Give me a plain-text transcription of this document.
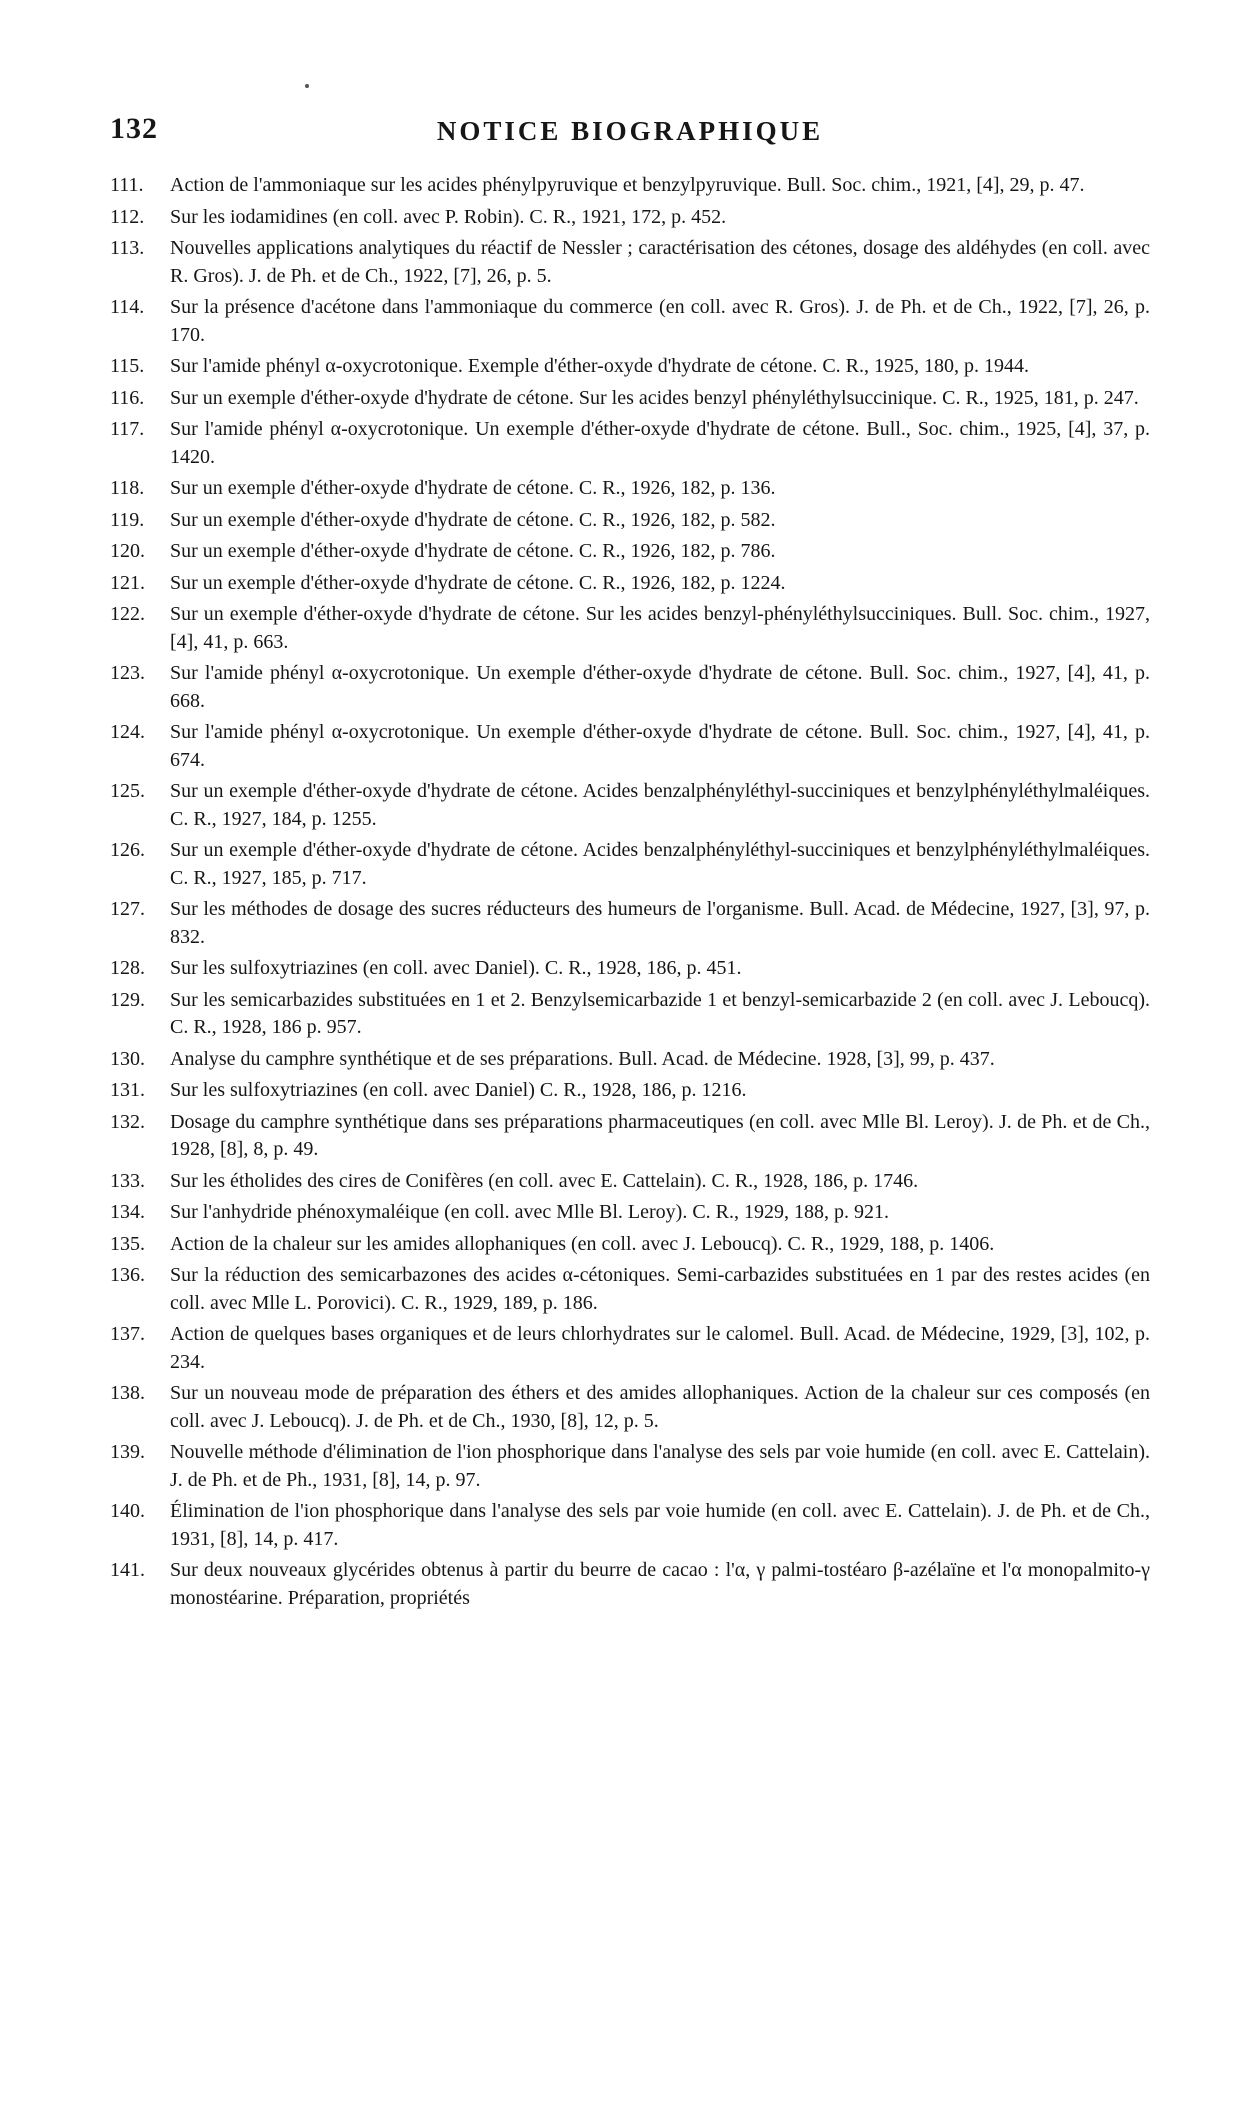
132	NOTICE BIOGRAPHIQUE
111. Action de l'ammoniaque sur les acides phénylpyruvique et benzylpyruvique. Bull. Soc. chim., 1921, [4], 29, p. 47.
112. Sur les iodamidines (en coll. avec P. Robin). C. R., 1921, 172, p. 452.
113. Nouvelles applications analytiques du réactif de Nessler ; caractérisation des cétones, dosage des aldéhydes (en coll. avec R. Gros). J. de Ph. et de Ch., 1922, [7], 26, p. 5.
114. Sur la présence d'acétone dans l'ammoniaque du commerce (en coll. avec R. Gros). J. de Ph. et de Ch., 1922, [7], 26, p. 170.
115. Sur l'amide phényl α-oxycrotonique. Exemple d'éther-oxyde d'hydrate de cétone. C. R., 1925, 180, p. 1944.
116. Sur un exemple d'éther-oxyde d'hydrate de cétone. Sur les acides benzyl phényléthylsuccinique. C. R., 1925, 181, p. 247.
117. Sur l'amide phényl α-oxycrotonique. Un exemple d'éther-oxyde d'hydrate de cétone. Bull., Soc. chim., 1925, [4], 37, p. 1420.
118. Sur un exemple d'éther-oxyde d'hydrate de cétone. C. R., 1926, 182, p. 136.
119. Sur un exemple d'éther-oxyde d'hydrate de cétone. C. R., 1926, 182, p. 582.
120. Sur un exemple d'éther-oxyde d'hydrate de cétone. C. R., 1926, 182, p. 786.
121. Sur un exemple d'éther-oxyde d'hydrate de cétone. C. R., 1926, 182, p. 1224.
122. Sur un exemple d'éther-oxyde d'hydrate de cétone. Sur les acides benzyl-phényléthylsucciniques. Bull. Soc. chim., 1927, [4], 41, p. 663.
123. Sur l'amide phényl α-oxycrotonique. Un exemple d'éther-oxyde d'hydrate de cétone. Bull. Soc. chim., 1927, [4], 41, p. 668.
124. Sur l'amide phényl α-oxycrotonique. Un exemple d'éther-oxyde d'hydrate de cétone. Bull. Soc. chim., 1927, [4], 41, p. 674.
125. Sur un exemple d'éther-oxyde d'hydrate de cétone. Acides benzalphényléthyl-succiniques et benzylphényléthylmaléiques. C. R., 1927, 184, p. 1255.
126. Sur un exemple d'éther-oxyde d'hydrate de cétone. Acides benzalphényléthyl-succiniques et benzylphényléthylmaléiques. C. R., 1927, 185, p. 717.
127. Sur les méthodes de dosage des sucres réducteurs des humeurs de l'organisme. Bull. Acad. de Médecine, 1927, [3], 97, p. 832.
128. Sur les sulfoxytriazines (en coll. avec Daniel). C. R., 1928, 186, p. 451.
129. Sur les semicarbazides substituées en 1 et 2. Benzylsemicarbazide 1 et benzyl-semicarbazide 2 (en coll. avec J. Leboucq). C. R., 1928, 186 p. 957.
130. Analyse du camphre synthétique et de ses préparations. Bull. Acad. de Médecine. 1928, [3], 99, p. 437.
131. Sur les sulfoxytriazines (en coll. avec Daniel) C. R., 1928, 186, p. 1216.
132. Dosage du camphre synthétique dans ses préparations pharmaceutiques (en coll. avec Mlle Bl. Leroy). J. de Ph. et de Ch., 1928, [8], 8, p. 49.
133. Sur les étholides des cires de Conifères (en coll. avec E. Cattelain). C. R., 1928, 186, p. 1746.
134. Sur l'anhydride phénoxymaléique (en coll. avec Mlle Bl. Leroy). C. R., 1929, 188, p. 921.
135. Action de la chaleur sur les amides allophaniques (en coll. avec J. Leboucq). C. R., 1929, 188, p. 1406.
136. Sur la réduction des semicarbazones des acides α-cétoniques. Semi-carbazides substituées en 1 par des restes acides (en coll. avec Mlle L. Porovici). C. R., 1929, 189, p. 186.
137. Action de quelques bases organiques et de leurs chlorhydrates sur le calomel. Bull. Acad. de Médecine, 1929, [3], 102, p. 234.
138. Sur un nouveau mode de préparation des éthers et des amides allophaniques. Action de la chaleur sur ces composés (en coll. avec J. Leboucq). J. de Ph. et de Ch., 1930, [8], 12, p. 5.
139. Nouvelle méthode d'élimination de l'ion phosphorique dans l'analyse des sels par voie humide (en coll. avec E. Cattelain). J. de Ph. et de Ph., 1931, [8], 14, p. 97.
140. Élimination de l'ion phosphorique dans l'analyse des sels par voie humide (en coll. avec E. Cattelain). J. de Ph. et de Ch., 1931, [8], 14, p. 417.
141. Sur deux nouveaux glycérides obtenus à partir du beurre de cacao : l'α, γ palmi-tostéaro β-azélaïne et l'α monopalmito-γ monostéarine. Préparation, propriétés
